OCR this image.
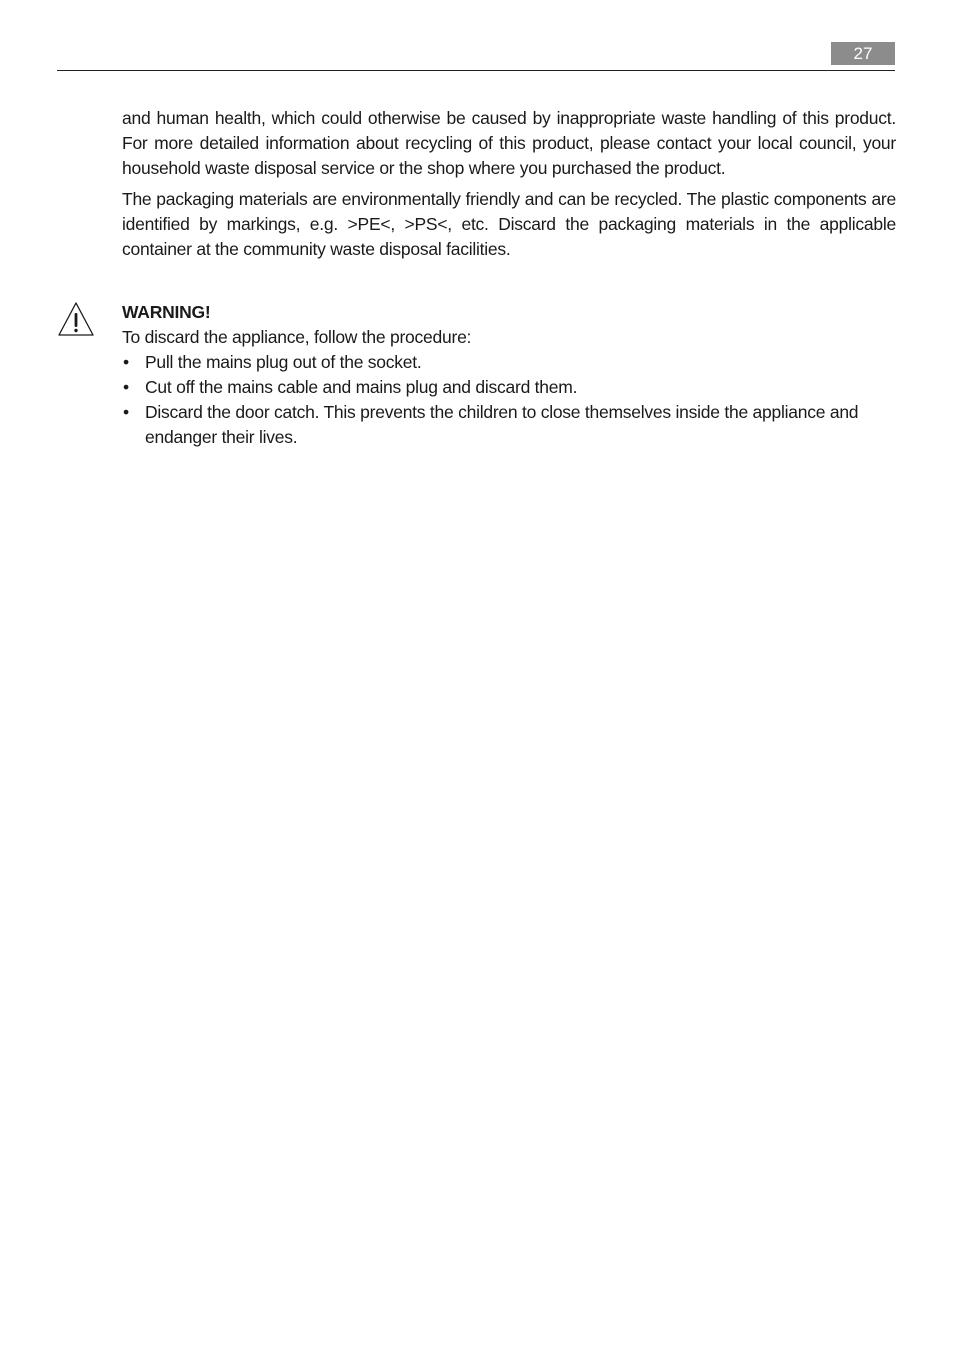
27

and human health, which could otherwise be caused by inappropriate waste handling of this product. For more detailed information about recycling of this product, please contact your local council, your household waste disposal service or the shop where you purchased the product.

The packaging materials are environmentally friendly and can be recycled. The plastic components are identified by markings, e.g. >PE<, >PS<, etc. Discard the packaging materials in the applicable container at the community waste disposal facilities.

WARNING!

To discard the appliance, follow the procedure:

• Pull the mains plug out of the socket.
• Cut off the mains cable and mains plug and discard them.
• Discard the door catch. This prevents the children to close themselves inside the appliance and endanger their lives.
